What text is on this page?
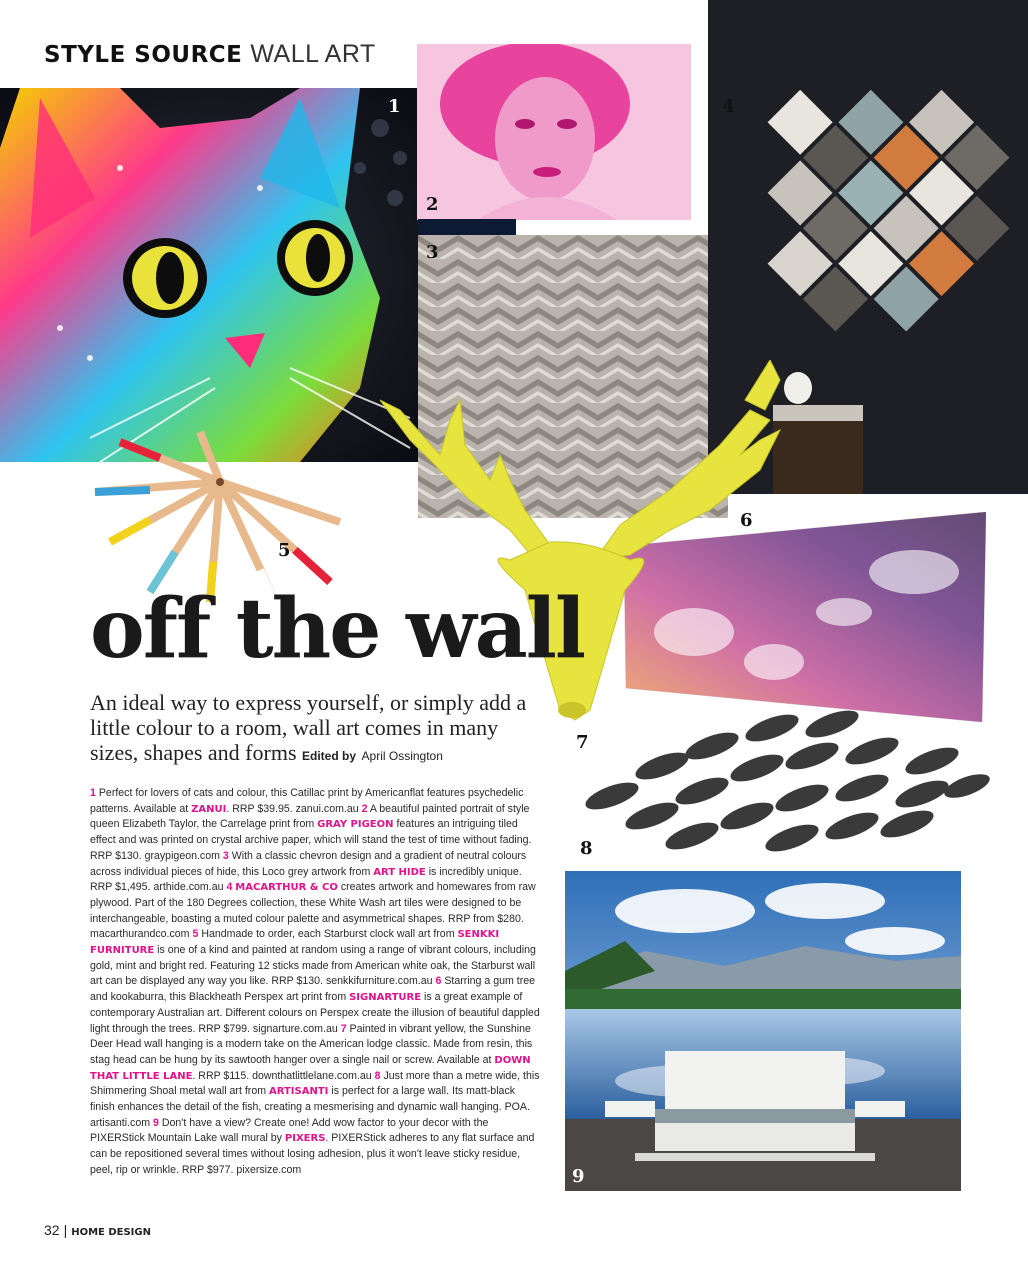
STYLE SOURCE WALL ART
1
2
3
4
5
6
7
8
9
off the wall
An ideal way to express yourself, or simply add a little colour to a room, wall art comes in many sizes, shapes and forms Edited by April Ossington
1 Perfect for lovers of cats and colour, this Catillac print by Americanflat features psychedelic patterns. Available at ZANUI. RRP $39.95. zanui.com.au 2 A beautiful painted portrait of style queen Elizabeth Taylor, the Carrelage print from GRAY PIGEON features an intriguing tiled effect and was printed on crystal archive paper, which will stand the test of time without fading. RRP $130. graypigeon.com 3 With a classic chevron design and a gradient of neutral colours across individual pieces of hide, this Loco grey artwork from ART HIDE is incredibly unique. RRP $1,495. arthide.com.au 4 MACARTHUR & CO creates artwork and homewares from raw plywood. Part of the 180 Degrees collection, these White Wash art tiles were designed to be interchangeable, boasting a muted colour palette and asymmetrical shapes. RRP from $280. macarthurandco.com 5 Handmade to order, each Starburst clock wall art from SENKKI FURNITURE is one of a kind and painted at random using a range of vibrant colours, including gold, mint and bright red. Featuring 12 sticks made from American white oak, the Starburst wall art can be displayed any way you like. RRP $130. senkkifurniture.com.au 6 Starring a gum tree and kookaburra, this Blackheath Perspex art print from SIGNARTURE is a great example of contemporary Australian art. Different colours on Perspex create the illusion of beautiful dappled light through the trees. RRP $799. signarture.com.au 7 Painted in vibrant yellow, the Sunshine Deer Head wall hanging is a modern take on the American lodge classic. Made from resin, this stag head can be hung by its sawtooth hanger over a single nail or screw. Available at DOWN THAT LITTLE LANE. RRP $115. downthatlittlelane.com.au 8 Just more than a metre wide, this Shimmering Shoal metal wall art from ARTISANTI is perfect for a large wall. Its matt-black finish enhances the detail of the fish, creating a mesmerising and dynamic wall hanging. POA. artisanti.com 9 Don't have a view? Create one! Add wow factor to your decor with the PIXERStick Mountain Lake wall mural by PIXERS. PIXERStick adheres to any flat surface and can be repositioned several times without losing adhesion, plus it won't leave sticky residue, peel, rip or wrinkle. RRP $977. pixersize.com
32 | HOME DESIGN
